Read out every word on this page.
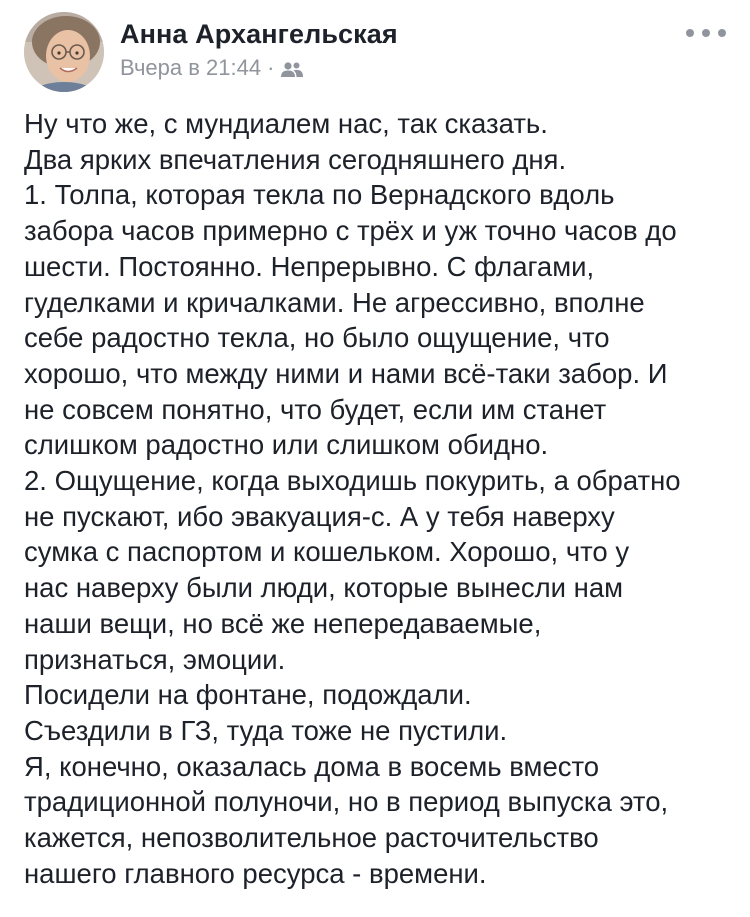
Анна Архангельская
Вчера в 21:44 ·
Ну что же, с мундиалем нас, так сказать.
Два ярких впечатления сегодняшнего дня.
1. Толпа, которая текла по Вернадского вдоль
забора часов примерно с трёх и уж точно часов до
шести. Постоянно. Непрерывно. С флагами,
гуделками и кричалками. Не агрессивно, вполне
себе радостно текла, но было ощущение, что
хорошо, что между ними и нами всё-таки забор. И
не совсем понятно, что будет, если им станет
слишком радостно или слишком обидно.
2. Ощущение, когда выходишь покурить, а обратно
не пускают, ибо эвакуация-с. А у тебя наверху
сумка с паспортом и кошельком. Хорошо, что у
нас наверху были люди, которые вынесли нам
наши вещи, но всё же непередаваемые,
признаться, эмоции.
Посидели на фонтане, подождали.
Съездили в ГЗ, туда тоже не пустили.
Я, конечно, оказалась дома в восемь вместо
традиционной полуночи, но в период выпуска это,
кажется, непозволительное расточительство
нашего главного ресурса - времени.
